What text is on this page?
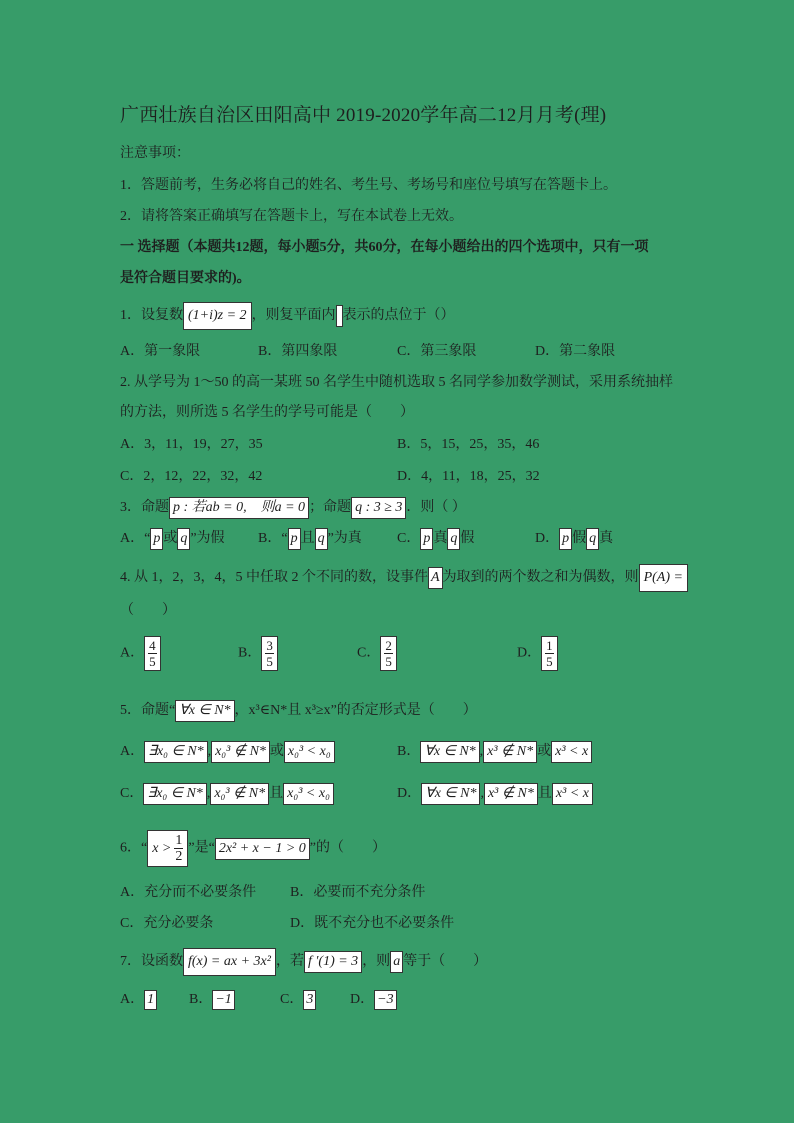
广西壮族自治区田阳高中 2019-2020学年高二12月月考(理)
注意事项：
1．答题前考，生务必将自己的姓名、考生号、考场号和座位号填写在答题卡上。
2．请将答案正确填写在答题卡上，写在本试卷上无效。
一 选择题（本题共12题，每小题5分，共60分，在每小题给出的四个选项中，只有一项
是符合题目要求的)。
1．设复数 (1+i)z = 2 ，则复平面内 表示的点位于（）
A．第一象限	B．第四象限	C．第三象限	D．第二象限
2. 从学号为 1～50 的高一某班 50 名学生中随机选取 5 名同学参加数学测试，采用系统抽样
的方法，则所选 5 名学生的学号可能是（　　）
A．3，11，19，27，35	B．5，15，25，35，46
C．2，12，22，32，42	D．4，11，18，25，32
3．命题 p : 若ab = 0,　则a = 0 ；命题 q : 3 ≥ 3 ．则（ ）
A．“ p 或 q ”为假 B．“ p 且 q ”为真	C． p 真 q 假	D． p 假 q 真
4. 从 1，2，3，4，5 中任取 2 个不同的数，设事件 A 为取到的两个数之和为偶数，则 P(A) =
（　　）
A． $\frac{4}{5}$	B． $\frac{3}{5}$	C． $\frac{2}{5}$	D． $\frac{1}{5}$
5．命题“ ∀x ∈ N* ，x³∈N*且 x³≥x”的否定形式是（　　）
A． ∃x₀ ∈ N* , x₀³ ∉ N* 或 x₀³ < x₀	B． ∀x ∈ N* , x³ ∉ N* 或 x³ < x
C． ∃x₀ ∈ N* , x₀³ ∉ N* 且 x₀³ < x₀	D． ∀x ∈ N* , x³ ∉ N* 且 x³ < x
6．“ $x > \frac{1}{2}$ ”是“ 2x² + x − 1 > 0 ”的（　　）
A．充分而不必要条件 B．必要而不充分条件
C．充分必要条	D．既不充分也不必要条件
7．设函数 f(x) = ax + 3x² ，若 f ′(1) = 3 ，则 a 等于（　　）
A． 1 B． −1	C． 3	D． −3
